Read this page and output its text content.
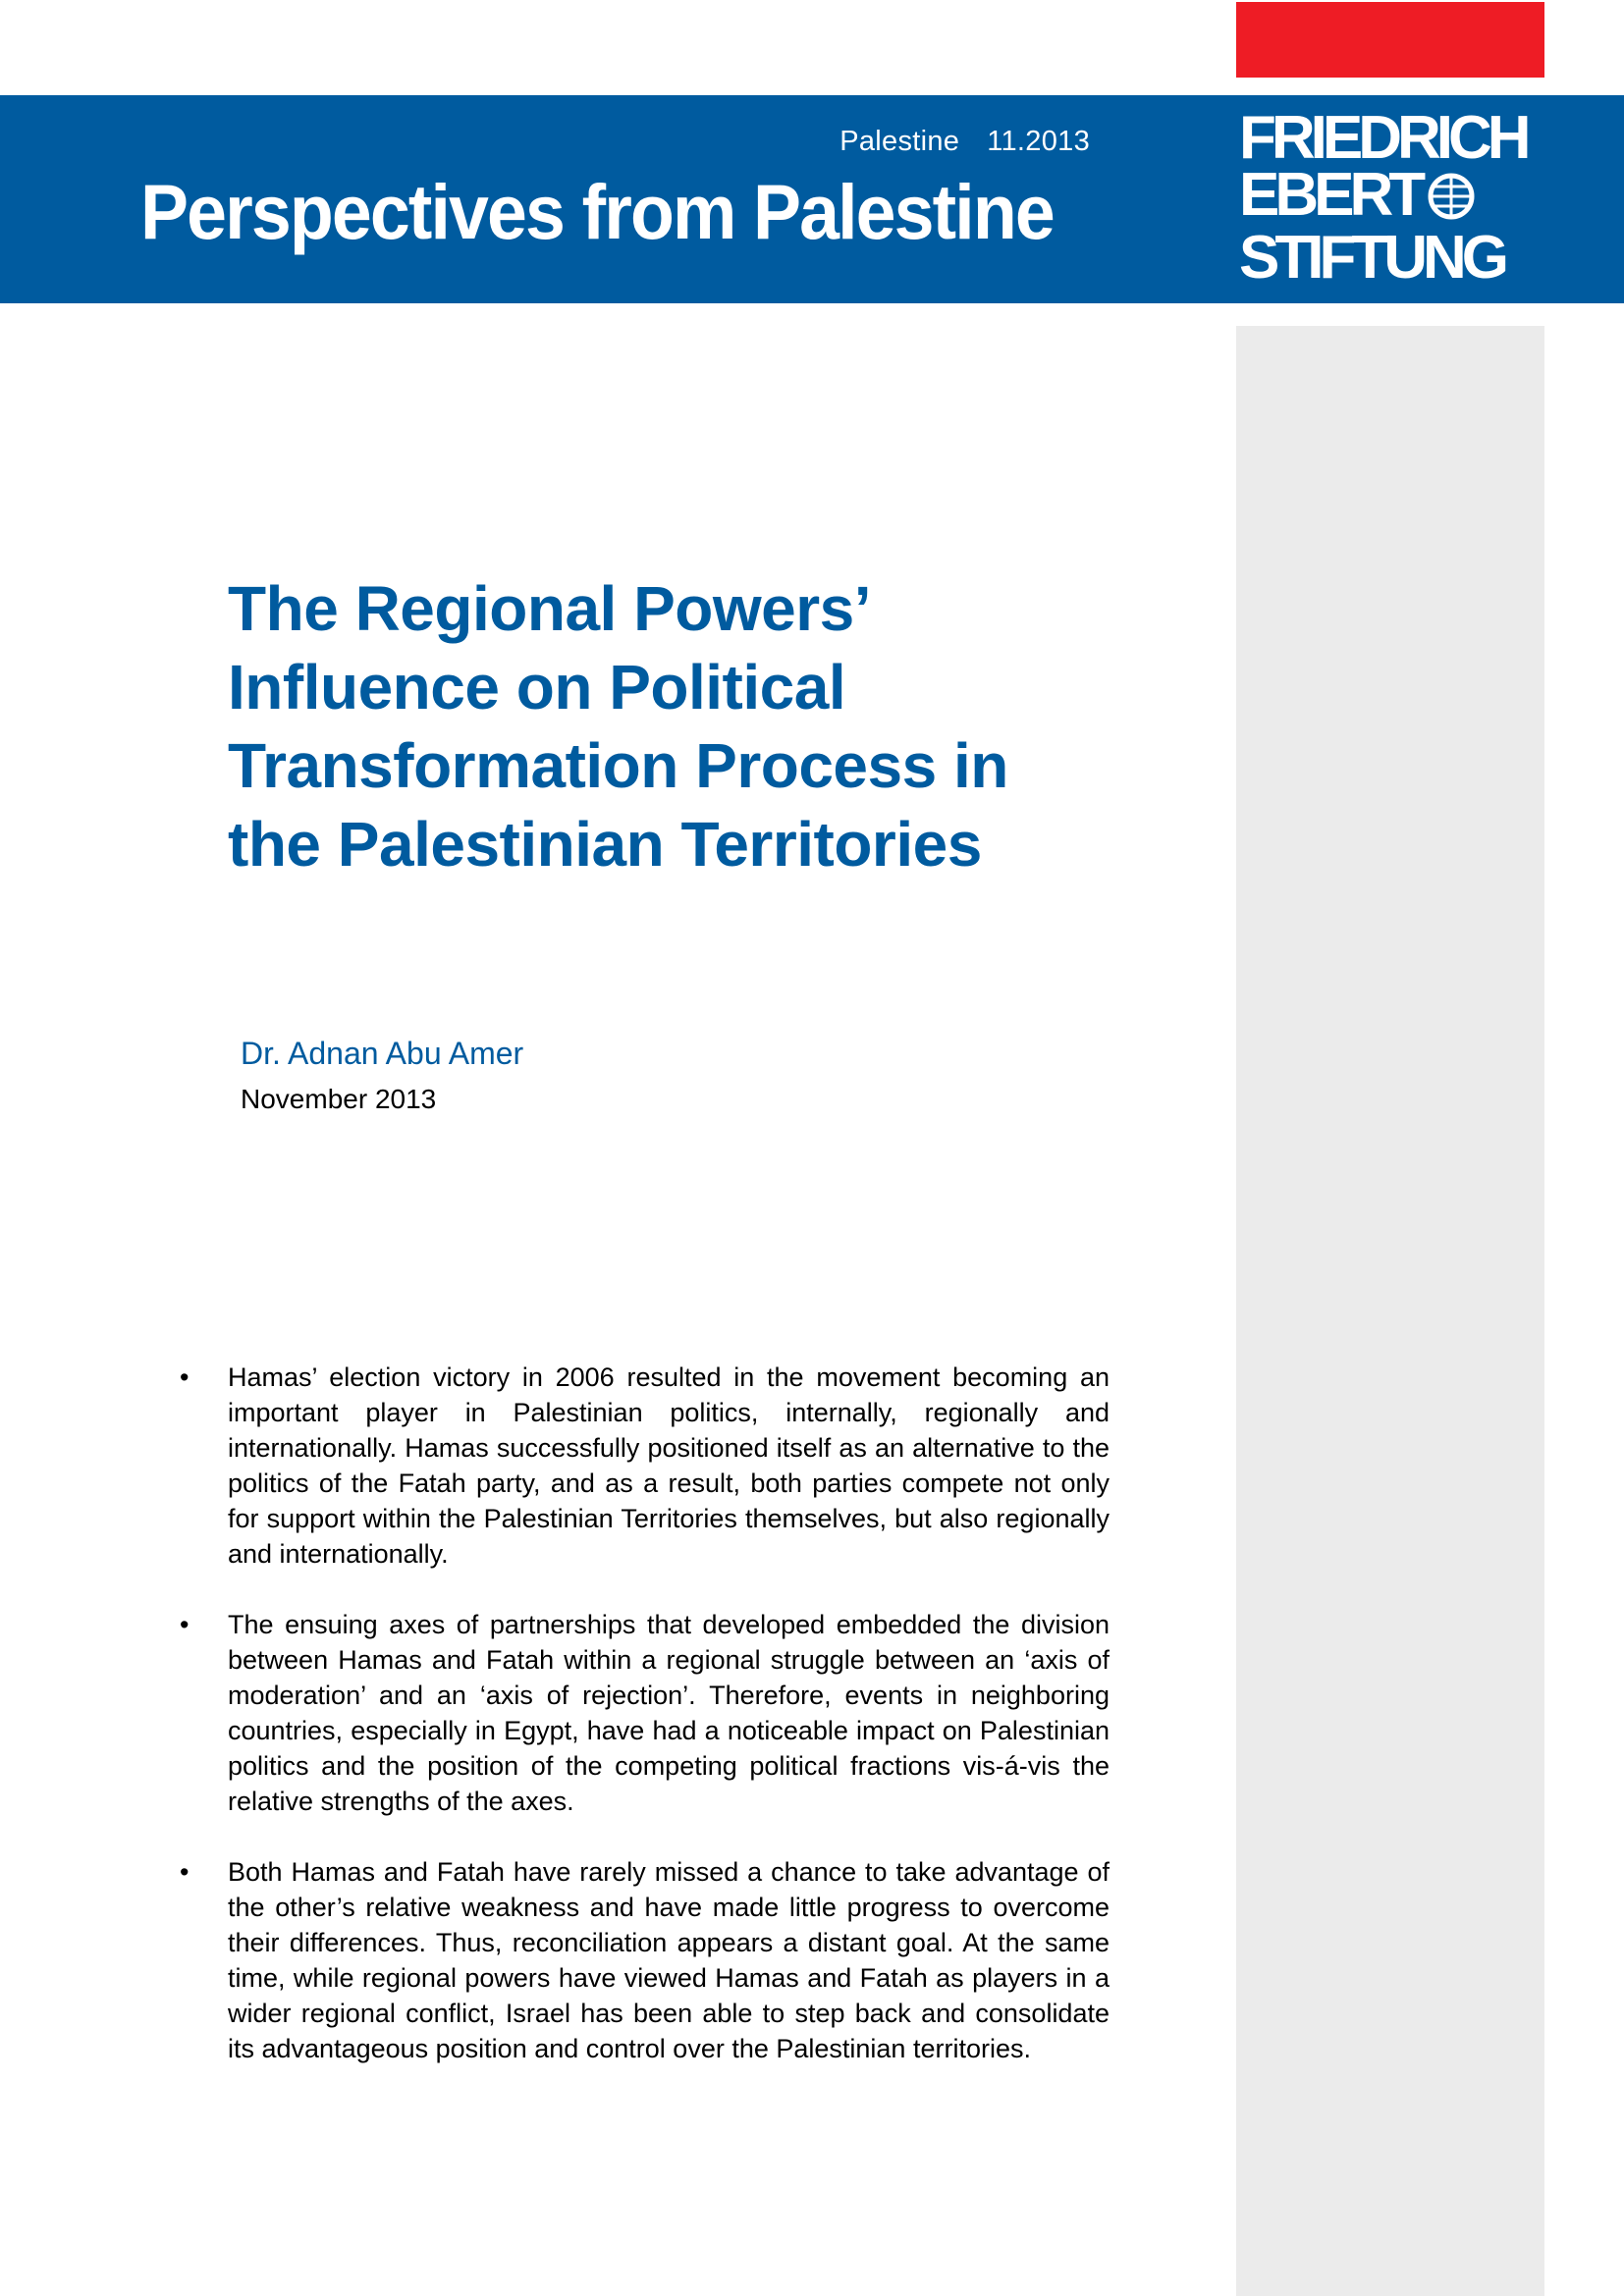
Palestine 11.2013
Perspectives from Palestine
FRIEDRICH
EBERT
STIFTUNG
The Regional Powers’
Influence on Political
Transformation Process in
the Palestinian Territories
Dr. Adnan Abu Amer
November 2013
• Hamas’ election victory in 2006 resulted in the movement becoming an important player in Palestinian politics, internally, regionally and internationally. Hamas successfully positioned itself as an alternative to the politics of the Fatah party, and as a result, both parties compete not only for support within the Palestinian Territories themselves, but also regionally and internationally.
• The ensuing axes of partnerships that developed embedded the division between Hamas and Fatah within a regional struggle between an ‘axis of moderation’ and an ‘axis of rejection’. Therefore, events in neighboring countries, especially in Egypt, have had a noticeable impact on Palestinian politics and the position of the competing political fractions vis-á-vis the relative strengths of the axes.
• Both Hamas and Fatah have rarely missed a chance to take advantage of the other’s relative weakness and have made little progress to overcome their differences. Thus, reconciliation appears a distant goal. At the same time, while regional powers have viewed Hamas and Fatah as players in a wider regional conflict, Israel has been able to step back and consolidate its advantageous position and control over the Palestinian territories.
